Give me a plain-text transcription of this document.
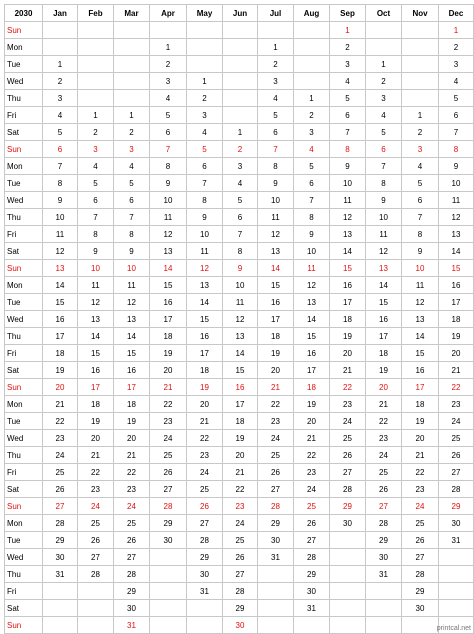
2030	Jan	Feb	Mar	Apr	May	Jun	Jul	Aug	Sep	Oct	Nov	Dec
Sun									1			1
Mon				1			1		2			2
Tue	1			2			2		3	1		3
Wed	2			3	1		3		4	2		4
Thu	3			4	2		4	1	5	3		5
Fri	4	1	1	5	3		5	2	6	4	1	6
Sat	5	2	2	6	4	1	6	3	7	5	2	7
Sun	6	3	3	7	5	2	7	4	8	6	3	8
Mon	7	4	4	8	6	3	8	5	9	7	4	9
Tue	8	5	5	9	7	4	9	6	10	8	5	10
Wed	9	6	6	10	8	5	10	7	11	9	6	11
Thu	10	7	7	11	9	6	11	8	12	10	7	12
Fri	11	8	8	12	10	7	12	9	13	11	8	13
Sat	12	9	9	13	11	8	13	10	14	12	9	14
Sun	13	10	10	14	12	9	14	11	15	13	10	15
Mon	14	11	11	15	13	10	15	12	16	14	11	16
Tue	15	12	12	16	14	11	16	13	17	15	12	17
Wed	16	13	13	17	15	12	17	14	18	16	13	18
Thu	17	14	14	18	16	13	18	15	19	17	14	19
Fri	18	15	15	19	17	14	19	16	20	18	15	20
Sat	19	16	16	20	18	15	20	17	21	19	16	21
Sun	20	17	17	21	19	16	21	18	22	20	17	22
Mon	21	18	18	22	20	17	22	19	23	21	18	23
Tue	22	19	19	23	21	18	23	20	24	22	19	24
Wed	23	20	20	24	22	19	24	21	25	23	20	25
Thu	24	21	21	25	23	20	25	22	26	24	21	26
Fri	25	22	22	26	24	21	26	23	27	25	22	27
Sat	26	23	23	27	25	22	27	24	28	26	23	28
Sun	27	24	24	28	26	23	28	25	29	27	24	29
Mon	28	25	25	29	27	24	29	26	30	28	25	30
Tue	29	26	26	30	28	25	30	27		29	26	31
Wed	30	27	27		29	26	31	28		30	27	
Thu	31	28	28		30	27		29		31	28	
Fri			29		31	28		30			29	
Sat			30			29		31			30	
Sun			31			30							printcal.net
